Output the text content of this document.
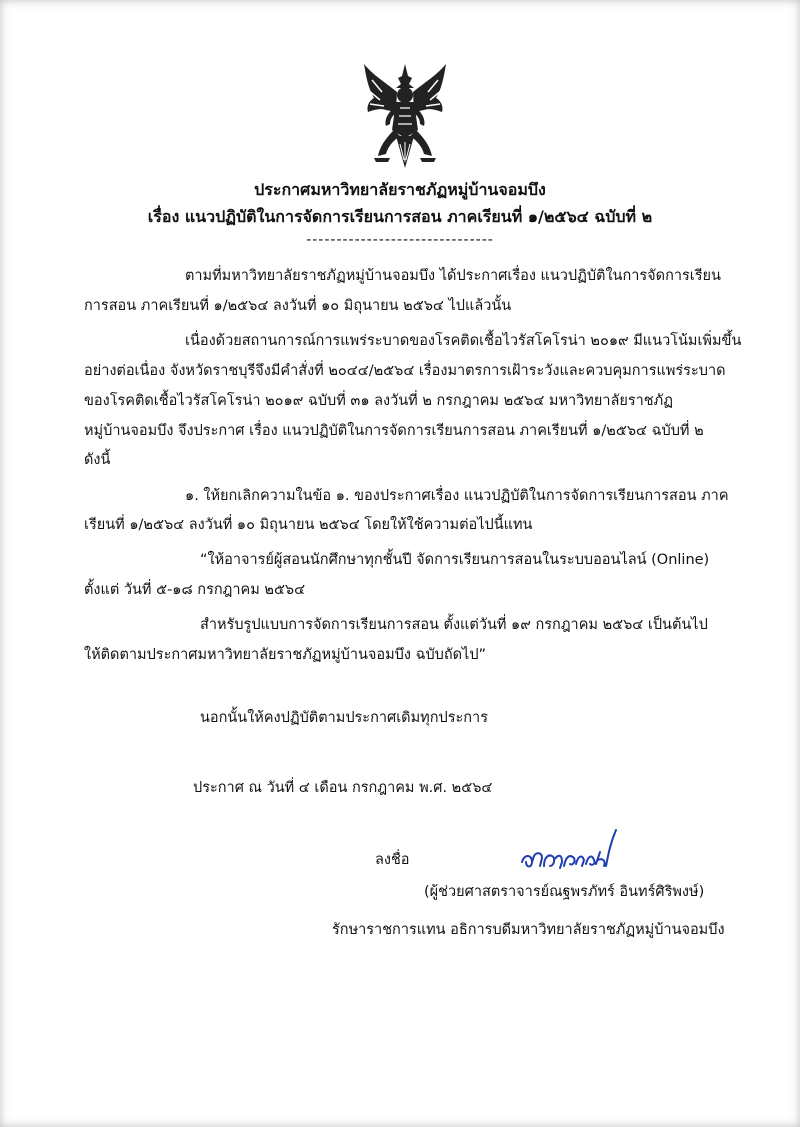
ประกาศมหาวิทยาลัยราชภัฏหมู่บ้านจอมบึง
เรื่อง แนวปฏิบัติในการจัดการเรียนการสอน ภาคเรียนที่ ๑/๒๕๖๔ ฉบับที่ ๒
-------------------------------
ตามที่มหาวิทยาลัยราชภัฏหมู่บ้านจอมบึง ได้ประกาศเรื่อง แนวปฏิบัติในการจัดการเรียน
การสอน ภาคเรียนที่ ๑/๒๕๖๔ ลงวันที่ ๑๐ มิถุนายน ๒๕๖๔ ไปแล้วนั้น
เนื่องด้วยสถานการณ์การแพร่ระบาดของโรคติดเชื้อไวรัสโคโรน่า ๒๐๑๙ มีแนวโน้มเพิ่มขึ้น
อย่างต่อเนื่อง จังหวัดราชบุรีจึงมีคำสั่งที่ ๒๐๔๔/๒๕๖๔ เรื่องมาตรการเฝ้าระวังและควบคุมการแพร่ระบาด
ของโรคติดเชื้อไวรัสโคโรน่า ๒๐๑๙ ฉบับที่ ๓๑ ลงวันที่ ๒ กรกฎาคม ๒๕๖๔ มหาวิทยาลัยราชภัฏ
หมู่บ้านจอมบึง จึงประกาศ เรื่อง แนวปฏิบัติในการจัดการเรียนการสอน ภาคเรียนที่ ๑/๒๕๖๔ ฉบับที่ ๒
ดังนี้
๑. ให้ยกเลิกความในข้อ ๑. ของประกาศเรื่อง แนวปฏิบัติในการจัดการเรียนการสอน ภาค
เรียนที่ ๑/๒๕๖๔ ลงวันที่ ๑๐ มิถุนายน ๒๕๖๔ โดยให้ใช้ความต่อไปนี้แทน
“ให้อาจารย์ผู้สอนนักศึกษาทุกชั้นปี จัดการเรียนการสอนในระบบออนไลน์ (Online)
ตั้งแต่ วันที่ ๕-๑๘ กรกฎาคม ๒๕๖๔
สำหรับรูปแบบการจัดการเรียนการสอน ตั้งแต่วันที่ ๑๙ กรกฎาคม ๒๕๖๔ เป็นต้นไป
ให้ติดตามประกาศมหาวิทยาลัยราชภัฏหมู่บ้านจอมบึง ฉบับถัดไป”
นอกนั้นให้คงปฏิบัติตามประกาศเดิมทุกประการ
ประกาศ ณ วันที่ ๔ เดือน กรกฎาคม พ.ศ. ๒๕๖๔
ลงชื่อ
(ผู้ช่วยศาสตราจารย์ณฐพรภัทร์ อินทร์ศิริพงษ์)
รักษาราชการแทน อธิการบดีมหาวิทยาลัยราชภัฏหมู่บ้านจอมบึง
